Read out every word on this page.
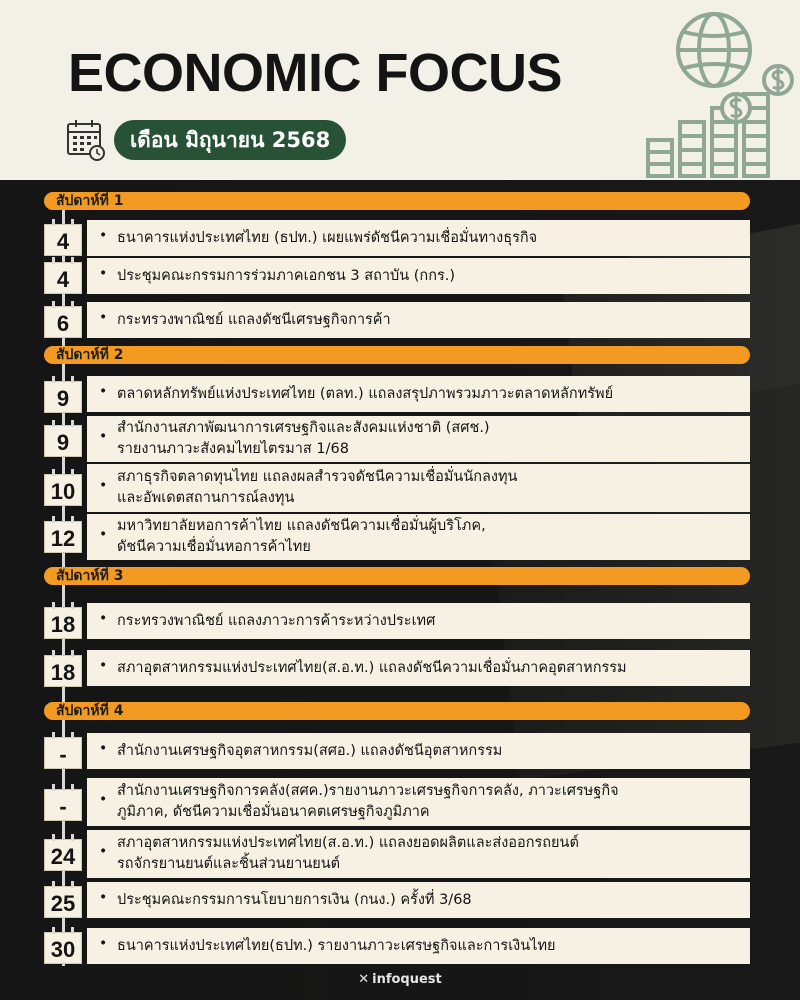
ECONOMIC FOCUS
เดือน มิถุนายน 2568
สัปดาห์ที่ 1
สัปดาห์ที่ 2
สัปดาห์ที่ 3
สัปดาห์ที่ 4
4	• ธนาคารแห่งประเทศไทย (ธปท.) เผยแพร่ดัชนีความเชื่อมั่นทางธุรกิจ
4	• ประชุมคณะกรรมการร่วมภาคเอกชน 3 สถาบัน (กกร.)
6	• กระทรวงพาณิชย์ แถลงดัชนีเศรษฐกิจการค้า
9	• ตลาดหลักทรัพย์แห่งประเทศไทย (ตลท.) แถลงสรุปภาพรวมภาวะตลาดหลักทรัพย์
9	•
สำนักงานสภาพัฒนาการเศรษฐกิจและสังคมแห่งชาติ (สศช.)
รายงานภาวะสังคมไทยไตรมาส 1/68
10	•
สภาธุรกิจตลาดทุนไทย แถลงผลสำรวจดัชนีความเชื่อมั่นนักลงทุน
และอัพเดตสถานการณ์ลงทุน
12	•
มหาวิทยาลัยหอการค้าไทย แถลงดัชนีความเชื่อมั่นผู้บริโภค,
ดัชนีความเชื่อมั่นหอการค้าไทย
18	• กระทรวงพาณิชย์ แถลงภาวะการค้าระหว่างประเทศ
18	• สภาอุตสาหกรรมแห่งประเทศไทย(ส.อ.ท.) แถลงดัชนีความเชื่อมั่นภาคอุตสาหกรรม
-	• สำนักงานเศรษฐกิจอุตสาหกรรม(สศอ.) แถลงดัชนีอุตสาหกรรม
-	•
สำนักงานเศรษฐกิจการคลัง(สศค.)รายงานภาวะเศรษฐกิจการคลัง, ภาวะเศรษฐกิจ
ภูมิภาค, ดัชนีความเชื่อมั่นอนาคตเศรษฐกิจภูมิภาค
24	•
สภาอุตสาหกรรมแห่งประเทศไทย(ส.อ.ท.) แถลงยอดผลิตและส่งออกรถยนต์
รถจักรยานยนต์และชิ้นส่วนยานยนต์
25	• ประชุมคณะกรรมการนโยบายการเงิน (กนง.) ครั้งที่ 3/68
30	• ธนาคารแห่งประเทศไทย(ธปท.) รายงานภาวะเศรษฐกิจและการเงินไทย
✕ infoquest
